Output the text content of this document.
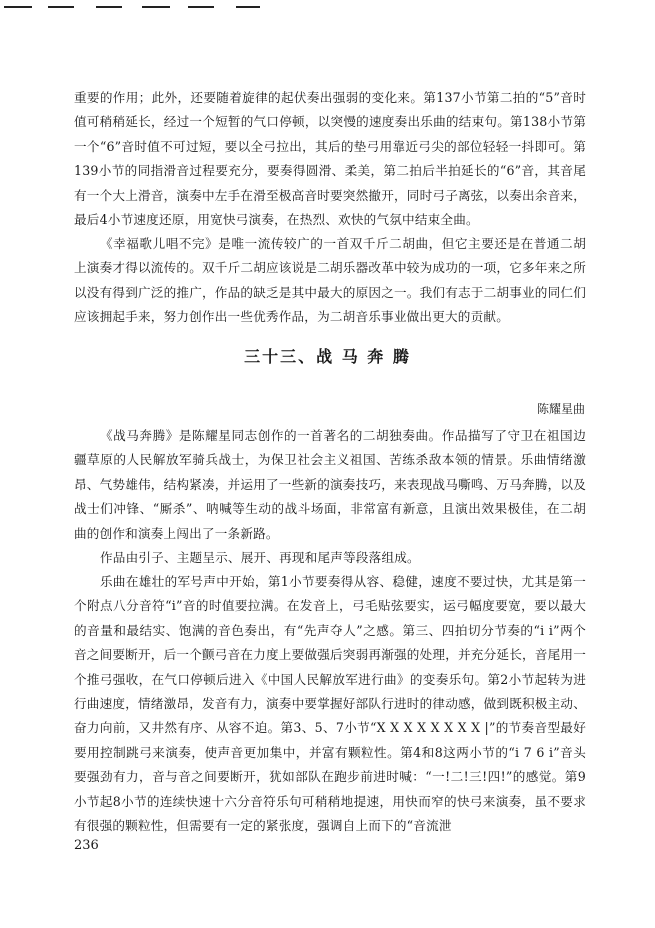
重要的作用；此外，还要随着旋律的起伏奏出强弱的变化来。第137小节第二拍的“5”音时值可稍稍延长，经过一个短暂的气口停顿，以突慢的速度奏出乐曲的结束句。第138小节第一个“6”音时值不可过短，要以全弓拉出，其后的垫弓用靠近弓尖的部位轻轻一抖即可。第139小节的同指滑音过程要充分，要奏得圆滑、柔美，第二拍后半拍延长的“6”音，其音尾有一个大上滑音，演奏中左手在滑至极高音时要突然撤开，同时弓子离弦，以奏出余音来，最后4小节速度还原，用宽快弓演奏，在热烈、欢快的气氛中结束全曲。

《幸福歌儿唱不完》是唯一流传较广的一首双千斤二胡曲，但它主要还是在普通二胡上演奏才得以流传的。双千斤二胡应该说是二胡乐器改革中较为成功的一项，它多年来之所以没有得到广泛的推广，作品的缺乏是其中最大的原因之一。我们有志于二胡事业的同仁们应该拥起手来，努力创作出一些优秀作品，为二胡音乐事业做出更大的贡献。

三十三、战 马 奔 腾

陈耀星曲

《战马奔腾》是陈耀星同志创作的一首著名的二胡独奏曲。作品描写了守卫在祖国边疆草原的人民解放军骑兵战士，为保卫社会主义祖国、苦练杀敌本领的情景。乐曲情绪激昂、气势雄伟，结构紧凑，并运用了一些新的演奏技巧，来表现战马嘶鸣、万马奔腾，以及战士们冲锋、“厮杀”、呐喊等生动的战斗场面，非常富有新意，且演出效果极佳，在二胡曲的创作和演奏上闯出了一条新路。

作品由引子、主题呈示、展开、再现和尾声等段落组成。

乐曲在雄壮的军号声中开始，第1小节要奏得从容、稳健，速度不要过快，尤其是第一个附点八分音符“i”音的时值要拉满。在发音上，弓毛贴弦要实，运弓幅度要宽，要以最大的音量和最结实、饱满的音色奏出，有“先声夺人”之感。第三、四拍切分节奏的“i i”两个音之间要断开，后一个颤弓音在力度上要做强后突弱再渐强的处理，并充分延长，音尾用一个推弓强收，在气口停顿后进入《中国人民解放军进行曲》的变奏乐句。第2小节起转为进行曲速度，情绪激昂，发音有力，演奏中要掌握好部队行进时的律动感，做到既积极主动、奋力向前，又井然有序、从容不迫。第3、5、7小节“X X X X X X X X |”的节奏音型最好要用控制跳弓来演奏，使声音更加集中，并富有颗粒性。第4和8这两小节的“i 7 6 i”音头要强劲有力，音与音之间要断开，犹如部队在跑步前进时喊：“一!二!三!四!”的感觉。第9小节起8小节的连续快速十六分音符乐句可稍稍地提速，用快而窄的快弓来演奏，虽不要求有很强的颗粒性，但需要有一定的紧张度，强调自上而下的“音流泄

236
